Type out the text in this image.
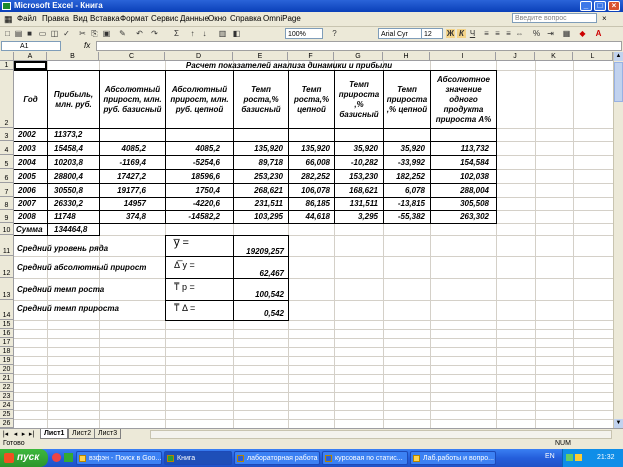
Microsoft Excel - Книга	_	□	×
▦ Файл Правка Вид Вставка Формат Сервис Данные Окно Справка OmniPage	Введите вопрос	×
□ ▤ ■ ▭ ◫ ✓ ✂ ⎘ ▣ ✎ ↶ ↷ Σ	↑	↓	▥ ◧	100%	?	Arial Cyr	12	Ж К Ч ≡ ≡ ≡ ⇔ % ⇥ ▦ ◆ A
A1	fx
A	B	C	D	E	F	G	H	I	J	K	L
1
2
3
4
5
6
7
8
9
10
11
12
13
14
15
16
17
18
19
20
21
22
23
24
25
26
Расчет показателей анализа динамики и прибыли
Год
Прибыль, млн. руб.
Абсолютный прирост, млн. руб. базисный
Абсолютный прирост, млн. руб. цепной
Темп роста,% базисный
Темп роста,% цепной
Темп прироста ,% базисный
Темп прироста ,% цепной
Абсолютное значение одного продукта прироста А%
2002 11373,2
2003 15458,4	4085,2	4085,2	135,920	135,920	35,920	35,920	113,732
2004 10203,8	-1169,4	-5254,6	89,718	66,008	-10,282	-33,992	154,584
2005 28800,4	17427,2	18596,6	253,230	282,252	153,230	182,252	102,038
2006 30550,8	19177,6	1750,4	268,621	106,078	168,621	6,078	288,004
2007 26330,2	14957	-4220,6	231,511	86,185	131,511	-13,815	305,508
2008 11748	374,8	-14582,2	103,295	44,618	3,295	-55,382	263,302
Сумма 134464,8
Средний уровень ряда	y̅ =
19209,257
Средний абсолютный прирост	Δ̅ y =
62,467
Средний темп роста	T̅ p =
100,542
Средний темп прироста	T̅ Δ =
0,542
▲
▼
|◂ ◂ ▸ ▸|	Лист1	Лист2 Лист3
Готово	NUM
пуск	взфэн - Поиск в Goo...	Книга	лабораторная работа	курсовая по статис...	Лаб.работы и вопро...	EN	21:32
